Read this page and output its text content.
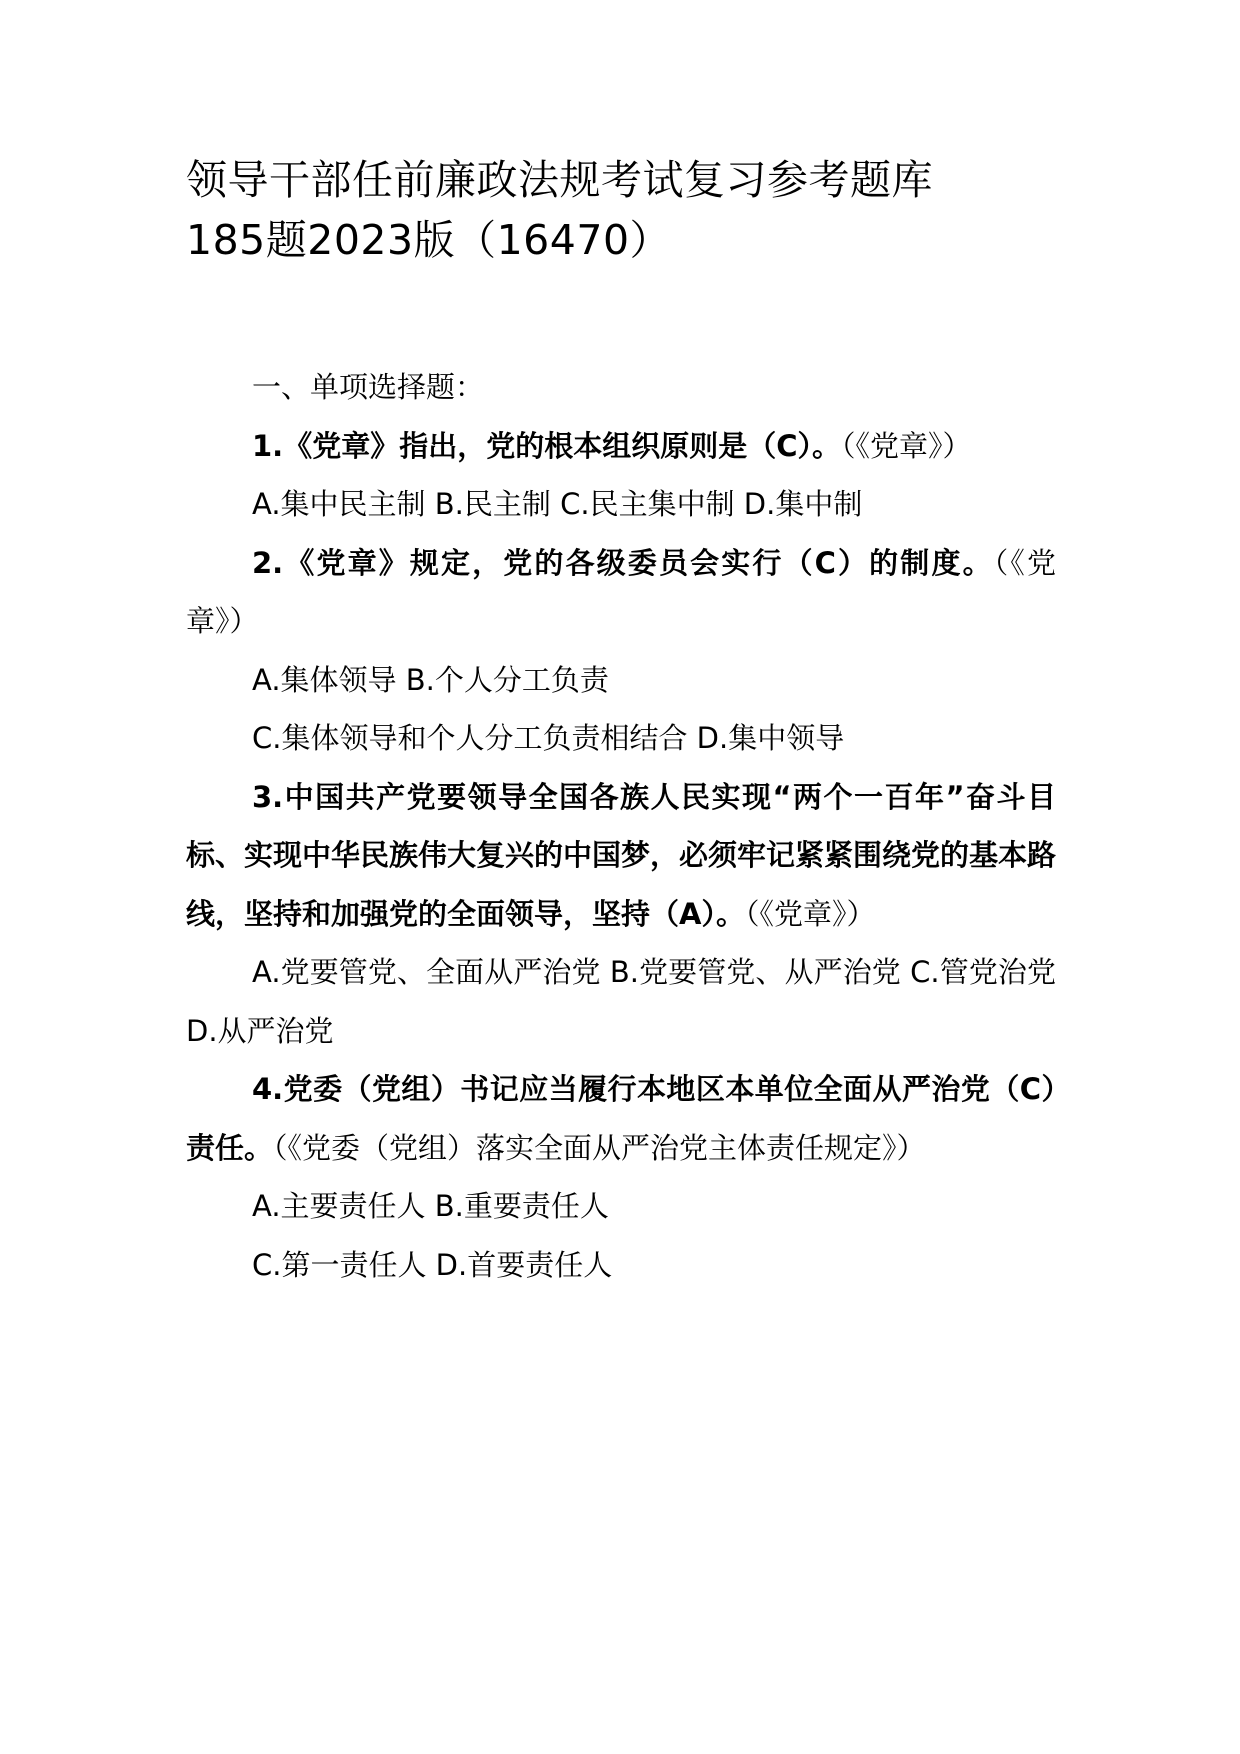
领导干部任前廉政法规考试复习参考题库
185题2023版（16470）

一、单项选择题：

1.《党章》指出，党的根本组织原则是（C）。（《党章》）

A.集中民主制 B.民主制 C.民主集中制 D.集中制

2.《党章》规定，党的各级委员会实行（C）的制度。（《党章》）

A.集体领导 B.个人分工负责

C.集体领导和个人分工负责相结合 D.集中领导

3.中国共产党要领导全国各族人民实现“两个一百年”奋斗目标、实现中华民族伟大复兴的中国梦，必须牢记紧紧围绕党的基本路线，坚持和加强党的全面领导，坚持（A）。（《党章》）

A.党要管党、全面从严治党 B.党要管党、从严治党 C.管党治党 D.从严治党

4.党委（党组）书记应当履行本地区本单位全面从严治党（C）责任。（《党委（党组）落实全面从严治党主体责任规定》）

A.主要责任人 B.重要责任人

C.第一责任人 D.首要责任人
